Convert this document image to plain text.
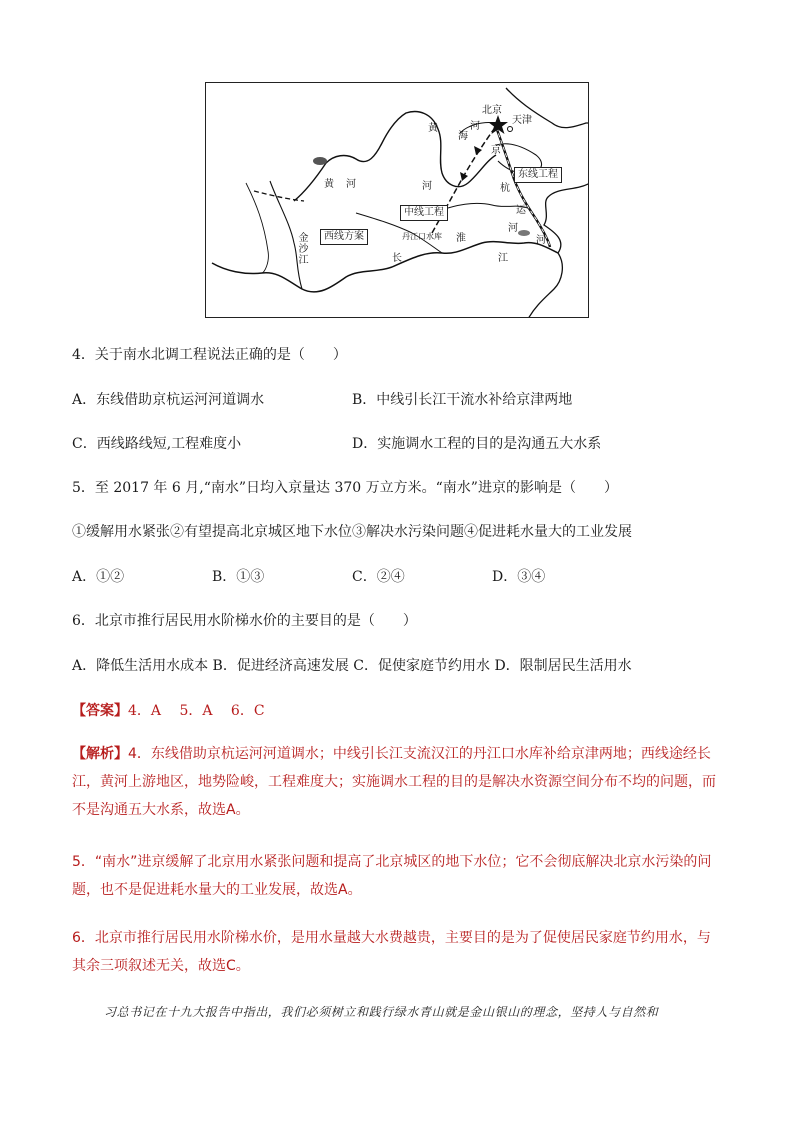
北京
天津
黄
海
河
京
黄 河	河	杭
运
河
金沙江	长	江
淮
河
丹江口水库
东线工程
中线工程
西线方案
4．关于南水北调工程说法正确的是（　　）
A．东线借助京杭运河河道调水	B．中线引长江干流水补给京津两地
C．西线路线短,工程难度小	D．实施调水工程的目的是沟通五大水系
5．至 2017 年 6 月,“南水”日均入京量达 370 万立方米。“南水”进京的影响是（　　）
①缓解用水紧张②有望提高北京城区地下水位③解决水污染问题④促进耗水量大的工业发展
A．①②	B．①③	C．②④	D．③④
6．北京市推行居民用水阶梯水价的主要目的是（　　）
A．降低生活用水成本 B．促进经济高速发展 C．促使家庭节约用水 D．限制居民生活用水
【答案】4．A　 5．A　 6．C
【解析】4．东线借助京杭运河河道调水；中线引长江支流汉江的丹江口水库补给京津两地；西线途经长江，黄河上游地区，地势险峻，工程难度大；实施调水工程的目的是解决水资源空间分布不均的问题，而不是沟通五大水系，故选A。
5．“南水”进京缓解了北京用水紧张问题和提高了北京城区的地下水位；它不会彻底解决北京水污染的问题，也不是促进耗水量大的工业发展，故选A。
6．北京市推行居民用水阶梯水价，是用水量越大水费越贵，主要目的是为了促使居民家庭节约用水，与其余三项叙述无关，故选C。
习总书记在十九大报告中指出，我们必须树立和践行绿水青山就是金山银山的理念，坚持人与自然和
